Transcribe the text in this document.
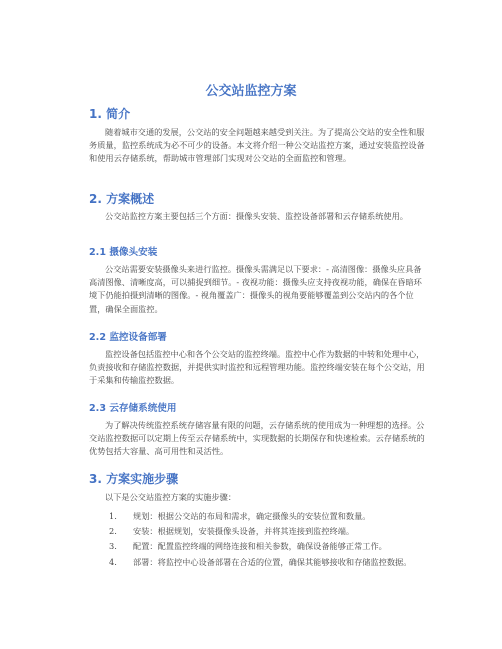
公交站监控方案
1. 简介

随着城市交通的发展，公交站的安全问题越来越受到关注。为了提高公交站的安全性和服务质量，监控系统成为必不可少的设备。本文将介绍一种公交站监控方案，通过安装监控设备和使用云存储系统，帮助城市管理部门实现对公交站的全面监控和管理。

2. 方案概述

公交站监控方案主要包括三个方面：摄像头安装、监控设备部署和云存储系统使用。

2.1 摄像头安装

公交站需要安装摄像头来进行监控。摄像头需满足以下要求：- 高清图像：摄像头应具备高清图像、清晰度高，可以捕捉到细节。- 夜视功能：摄像头应支持夜视功能，确保在昏暗环境下仍能拍摄到清晰的图像。- 视角覆盖广：摄像头的视角要能够覆盖到公交站内的各个位置，确保全面监控。

2.2 监控设备部署

监控设备包括监控中心和各个公交站的监控终端。监控中心作为数据的中转和处理中心，负责接收和存储监控数据，并提供实时监控和远程管理功能。监控终端安装在每个公交站，用于采集和传输监控数据。

2.3 云存储系统使用

为了解决传统监控系统存储容量有限的问题，云存储系统的使用成为一种理想的选择。公交站监控数据可以定期上传至云存储系统中，实现数据的长期保存和快速检索。云存储系统的优势包括大容量、高可用性和灵活性。

3. 方案实施步骤

以下是公交站监控方案的实施步骤：

1. 规划：根据公交站的布局和需求，确定摄像头的安装位置和数量。
2. 安装：根据规划，安装摄像头设备，并将其连接到监控终端。
3. 配置：配置监控终端的网络连接和相关参数，确保设备能够正常工作。
4. 部署：将监控中心设备部署在合适的位置，确保其能够接收和存储监控数据。
